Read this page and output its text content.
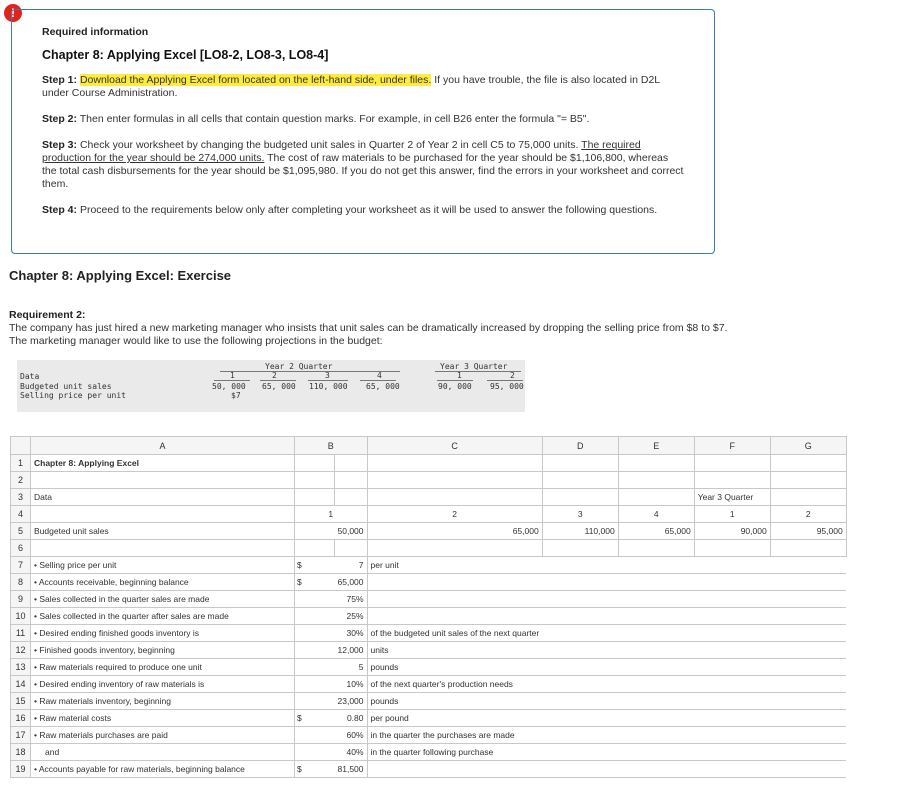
!
Required information
Chapter 8: Applying Excel [LO8-2, LO8-3, LO8-4]
Step 1: Download the Applying Excel form located on the left-hand side, under files. If you have trouble, the file is also located in D2L under Course Administration.
Step 2: Then enter formulas in all cells that contain question marks. For example, in cell B26 enter the formula "= B5".
Step 3: Check your worksheet by changing the budgeted unit sales in Quarter 2 of Year 2 in cell C5 to 75,000 units. The required production for the year should be 274,000 units. The cost of raw materials to be purchased for the year should be $1,106,800, whereas the total cash disbursements for the year should be $1,095,980. If you do not get this answer, find the errors in your worksheet and correct them.
Step 4: Proceed to the requirements below only after completing your worksheet as it will be used to answer the following questions.
Chapter 8: Applying Excel: Exercise
Requirement 2:
The company has just hired a new marketing manager who insists that unit sales can be dramatically increased by dropping the selling price from $8 to $7. The marketing manager would like to use the following projections in the budget:
Year 2 Quarter	Year 3 Quarter
1	2	3	4	1	2
Data
Budgeted unit sales	50, 000 65, 000 110, 000 65, 000	90, 000 95, 000
Selling price per unit	$7
	A	B		C	D	E	F	G
1	Chapter 8: Applying Excel							
2								
3	Data						Year 3 Quarter	
4		1		2	3	4	1	2
5	Budgeted unit sales	50,000		65,000	110,000	65,000	90,000	95,000
6								
7	• Selling price per unit	$	7	per unit				
8	• Accounts receivable, beginning balance	$	65,000					
9	• Sales collected in the quarter sales are made		75%					
10	• Sales collected in the quarter after sales are made		25%					
11	• Desired ending finished goods inventory is		30%	of the budgeted unit sales of the next quarter				
12	• Finished goods inventory, beginning		12,000	units				
13	• Raw materials required to produce one unit		5	pounds				
14	• Desired ending inventory of raw materials is		10%	of the next quarter's production needs				
15	• Raw materials inventory, beginning		23,000	pounds				
16	• Raw material costs	$	0.80	per pound				
17	• Raw materials purchases are paid		60%	in the quarter the purchases are made				
18	and		40%	in the quarter following purchase				
19	• Accounts payable for raw materials, beginning balance	$	81,500					
